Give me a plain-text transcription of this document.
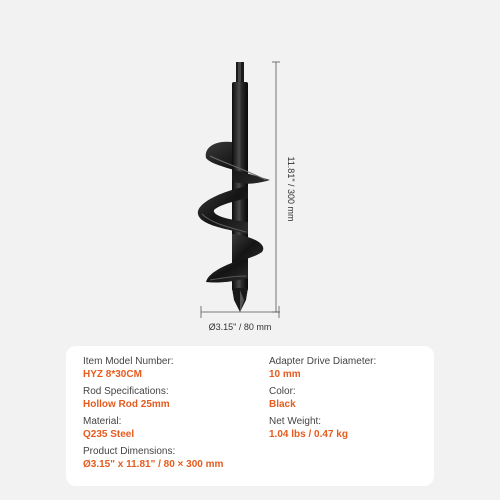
11.81" / 300 mm
Ø3.15" / 80 mm
Item Model Number:
HYZ 8*30CM
Rod Specifications:
Hollow Rod 25mm
Material:
Q235 Steel
Product Dimensions:
Ø3.15" x 11.81" / 80 × 300 mm
Adapter Drive Diameter:
10 mm
Color:
Black
Net Weight:
1.04 lbs / 0.47 kg
